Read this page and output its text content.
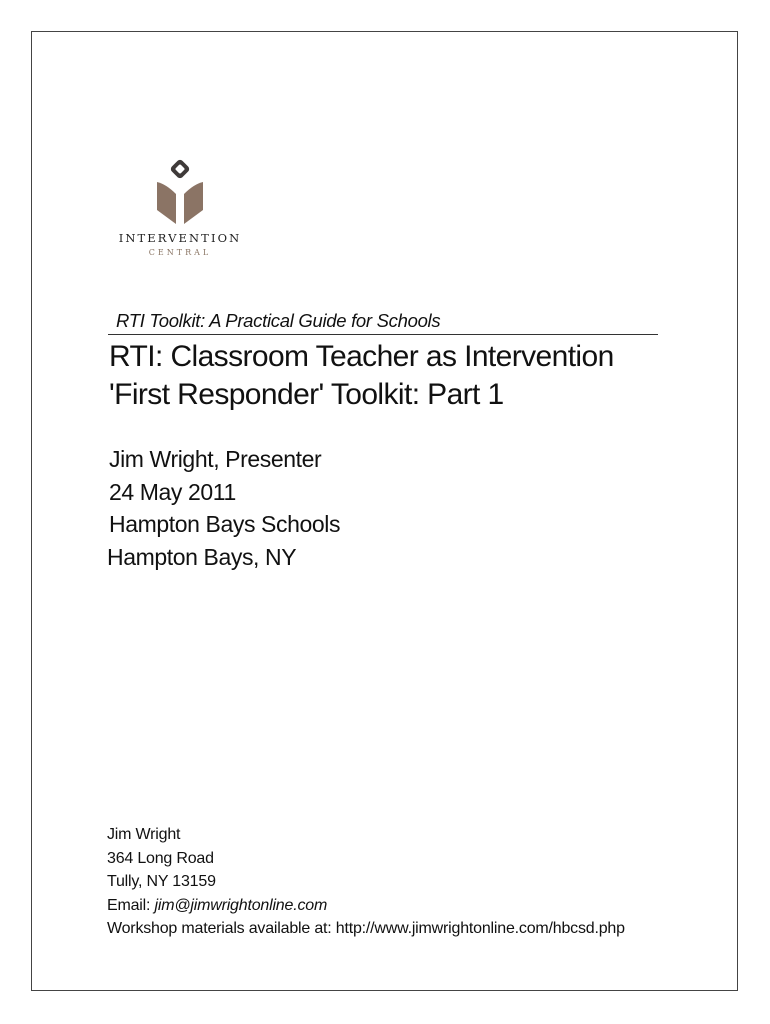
INTERVENTION
CENTRAL
RTI Toolkit: A Practical Guide for Schools
RTI: Classroom Teacher as Intervention
'First Responder' Toolkit: Part 1
Jim Wright, Presenter
24 May 2011
Hampton Bays Schools
Hampton Bays, NY
Jim Wright
364 Long Road
Tully, NY 13159
Email: jim@jimwrightonline.com
Workshop materials available at: http://www.jimwrightonline.com/hbcsd.php
